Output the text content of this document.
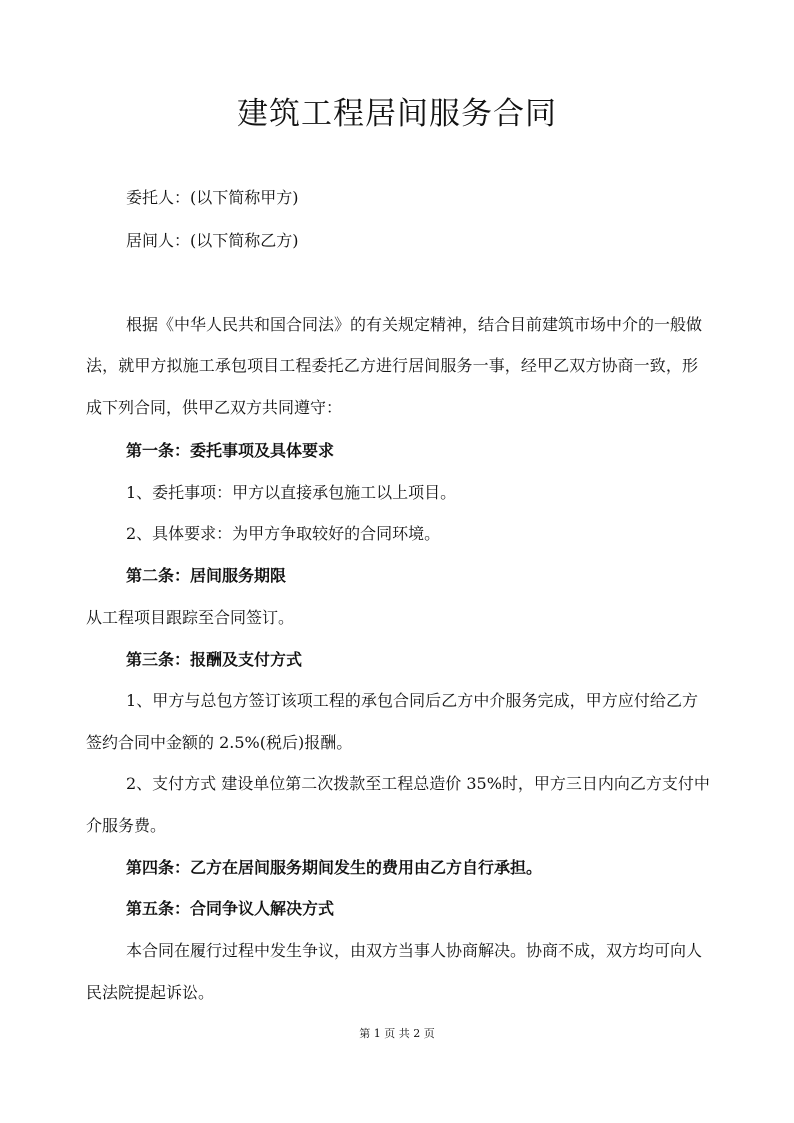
建筑工程居间服务合同
委托人：(以下简称甲方)
居间人：(以下简称乙方)
根据《中华人民共和国合同法》的有关规定精神，结合目前建筑市场中介的一般做
法，就甲方拟施工承包项目工程委托乙方进行居间服务一事，经甲乙双方协商一致，形
成下列合同，供甲乙双方共同遵守：
第一条：委托事项及具体要求
1、委托事项：甲方以直接承包施工以上项目。
2、具体要求：为甲方争取较好的合同环境。
第二条：居间服务期限
从工程项目跟踪至合同签订。
第三条：报酬及支付方式
1、甲方与总包方签订该项工程的承包合同后乙方中介服务完成，甲方应付给乙方
签约合同中金额的 2.5%(税后)报酬。
2、支付方式 建设单位第二次拨款至工程总造价 35%时，甲方三日内向乙方支付中
介服务费。
第四条：乙方在居间服务期间发生的费用由乙方自行承担。
第五条：合同争议人解决方式
本合同在履行过程中发生争议，由双方当事人协商解决。协商不成，双方均可向人
民法院提起诉讼。
第 1 页 共 2 页
